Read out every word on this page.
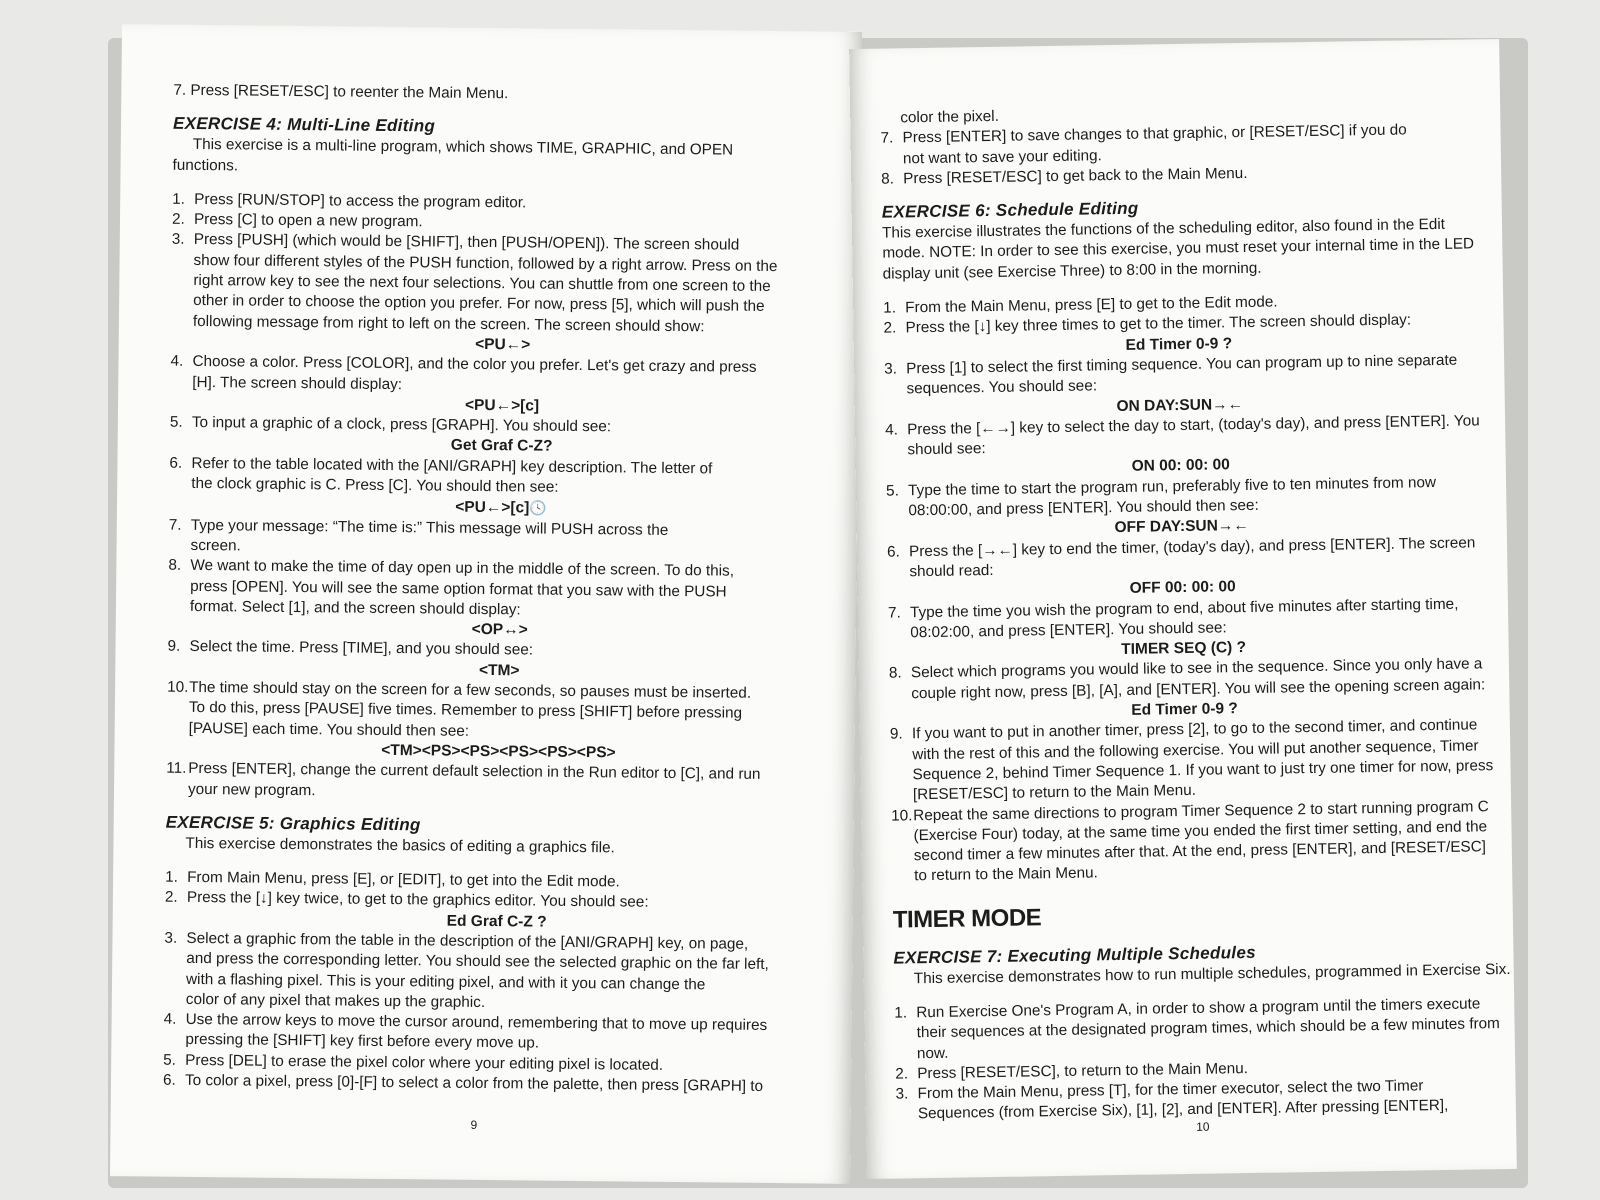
7. Press [RESET/ESC] to reenter the Main Menu.
EXERCISE 4: Multi-Line Editing
This exercise is a multi-line program, which shows TIME, GRAPHIC, and OPEN
functions.
1. Press [RUN/STOP] to access the program editor.
2. Press [C] to open a new program.
3. Press [PUSH] (which would be [SHIFT], then [PUSH/OPEN]). The screen should
show four different styles of the PUSH function, followed by a right arrow. Press on the
right arrow key to see the next four selections. You can shuttle from one screen to the
other in order to choose the option you prefer. For now, press [5], which will push the
following message from right to left on the screen. The screen should show:
<PU←>
4. Choose a color. Press [COLOR], and the color you prefer. Let's get crazy and press
[H]. The screen should display:
<PU←>[c]
5. To input a graphic of a clock, press [GRAPH]. You should see:
Get Graf C-Z?
6. Refer to the table located with the [ANI/GRAPH] key description. The letter of
the clock graphic is C. Press [C]. You should then see:
<PU←>[c]🕓
7. Type your message: “The time is:” This message will PUSH across the
screen.
8. We want to make the time of day open up in the middle of the screen. To do this,
press [OPEN]. You will see the same option format that you saw with the PUSH
format. Select [1], and the screen should display:
<OP↔>
9. Select the time. Press [TIME], and you should see:
<TM>
10. The time should stay on the screen for a few seconds, so pauses must be inserted.
To do this, press [PAUSE] five times. Remember to press [SHIFT] before pressing
[PAUSE] each time. You should then see:
<TM><PS><PS><PS><PS><PS>
11. Press [ENTER], change the current default selection in the Run editor to [C], and run
your new program.
EXERCISE 5: Graphics Editing
This exercise demonstrates the basics of editing a graphics file.
1. From Main Menu, press [E], or [EDIT], to get into the Edit mode.
2. Press the [↓] key twice, to get to the graphics editor. You should see:
Ed Graf C-Z ?
3. Select a graphic from the table in the description of the [ANI/GRAPH] key, on page,
and press the corresponding letter. You should see the selected graphic on the far left,
with a flashing pixel. This is your editing pixel, and with it you can change the
color of any pixel that makes up the graphic.
4. Use the arrow keys to move the cursor around, remembering that to move up requires
pressing the [SHIFT] key first before every move up.
5. Press [DEL] to erase the pixel color where your editing pixel is located.
6. To color a pixel, press [0]-[F] to select a color from the palette, then press [GRAPH] to
9
color the pixel.
7. Press [ENTER] to save changes to that graphic, or [RESET/ESC] if you do
not want to save your editing.
8. Press [RESET/ESC] to get back to the Main Menu.
EXERCISE 6: Schedule Editing
This exercise illustrates the functions of the scheduling editor, also found in the Edit
mode. NOTE: In order to see this exercise, you must reset your internal time in the LED
display unit (see Exercise Three) to 8:00 in the morning.
1. From the Main Menu, press [E] to get to the Edit mode.
2. Press the [↓] key three times to get to the timer. The screen should display:
Ed Timer 0-9 ?
3. Press [1] to select the first timing sequence. You can program up to nine separate
sequences. You should see:
ON DAY:SUN→←
4. Press the [←→] key to select the day to start, (today's day), and press [ENTER]. You
should see:
ON 00: 00: 00
5. Type the time to start the program run, preferably five to ten minutes from now
08:00:00, and press [ENTER]. You should then see:
OFF DAY:SUN→←
6. Press the [→←] key to end the timer, (today's day), and press [ENTER]. The screen
should read:
OFF 00: 00: 00
7. Type the time you wish the program to end, about five minutes after starting time,
08:02:00, and press [ENTER]. You should see:
TIMER SEQ (C) ?
8. Select which programs you would like to see in the sequence. Since you only have a
couple right now, press [B], [A], and [ENTER]. You will see the opening screen again:
Ed Timer 0-9 ?
9. If you want to put in another timer, press [2], to go to the second timer, and continue
with the rest of this and the following exercise. You will put another sequence, Timer
Sequence 2, behind Timer Sequence 1. If you want to just try one timer for now, press
[RESET/ESC] to return to the Main Menu.
10. Repeat the same directions to program Timer Sequence 2 to start running program C
(Exercise Four) today, at the same time you ended the first timer setting, and end the
second timer a few minutes after that. At the end, press [ENTER], and [RESET/ESC]
to return to the Main Menu.
TIMER MODE
EXERCISE 7: Executing Multiple Schedules
This exercise demonstrates how to run multiple schedules, programmed in Exercise Six.
1. Run Exercise One's Program A, in order to show a program until the timers execute
their sequences at the designated program times, which should be a few minutes from
now.
2. Press [RESET/ESC], to return to the Main Menu.
3. From the Main Menu, press [T], for the timer executor, select the two Timer
Sequences (from Exercise Six), [1], [2], and [ENTER]. After pressing [ENTER],
10
